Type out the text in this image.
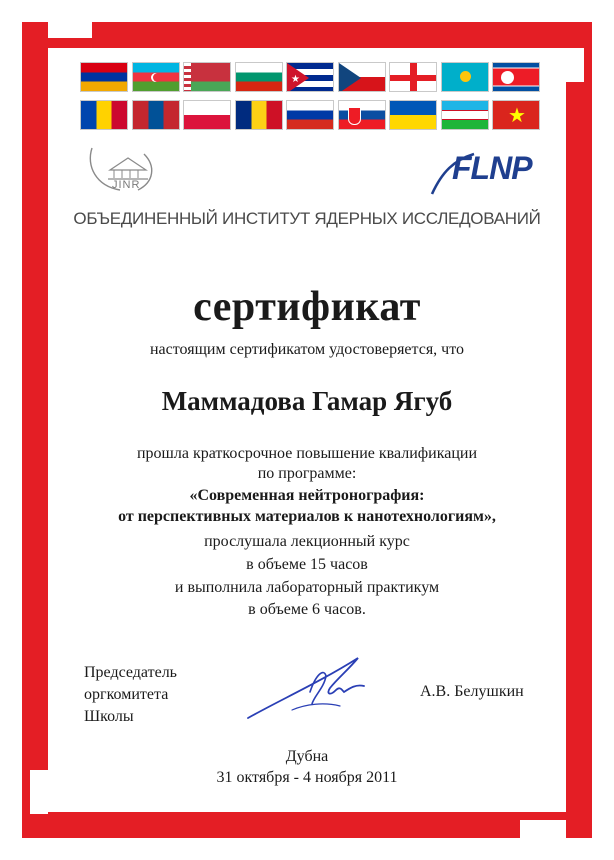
★
★
JINR	FLNP
ОБЪЕДИНЕННЫЙ ИНСТИТУТ ЯДЕРНЫХ ИССЛЕДОВАНИЙ
сертификат
настоящим сертификатом удостоверяется, что
Маммадова Гамар Ягуб
прошла краткосрочное повышение квалификации
по программе:
«Современная нейтронография:
от перспективных материалов к нанотехнологиям»,
прослушала лекционный курс
в объеме 15 часов
и выполнила лабораторный практикум
в объеме 6 часов.
Председатель
оргкомитета
Школы
А.В. Белушкин
Дубна
31 октября - 4 ноября 2011
